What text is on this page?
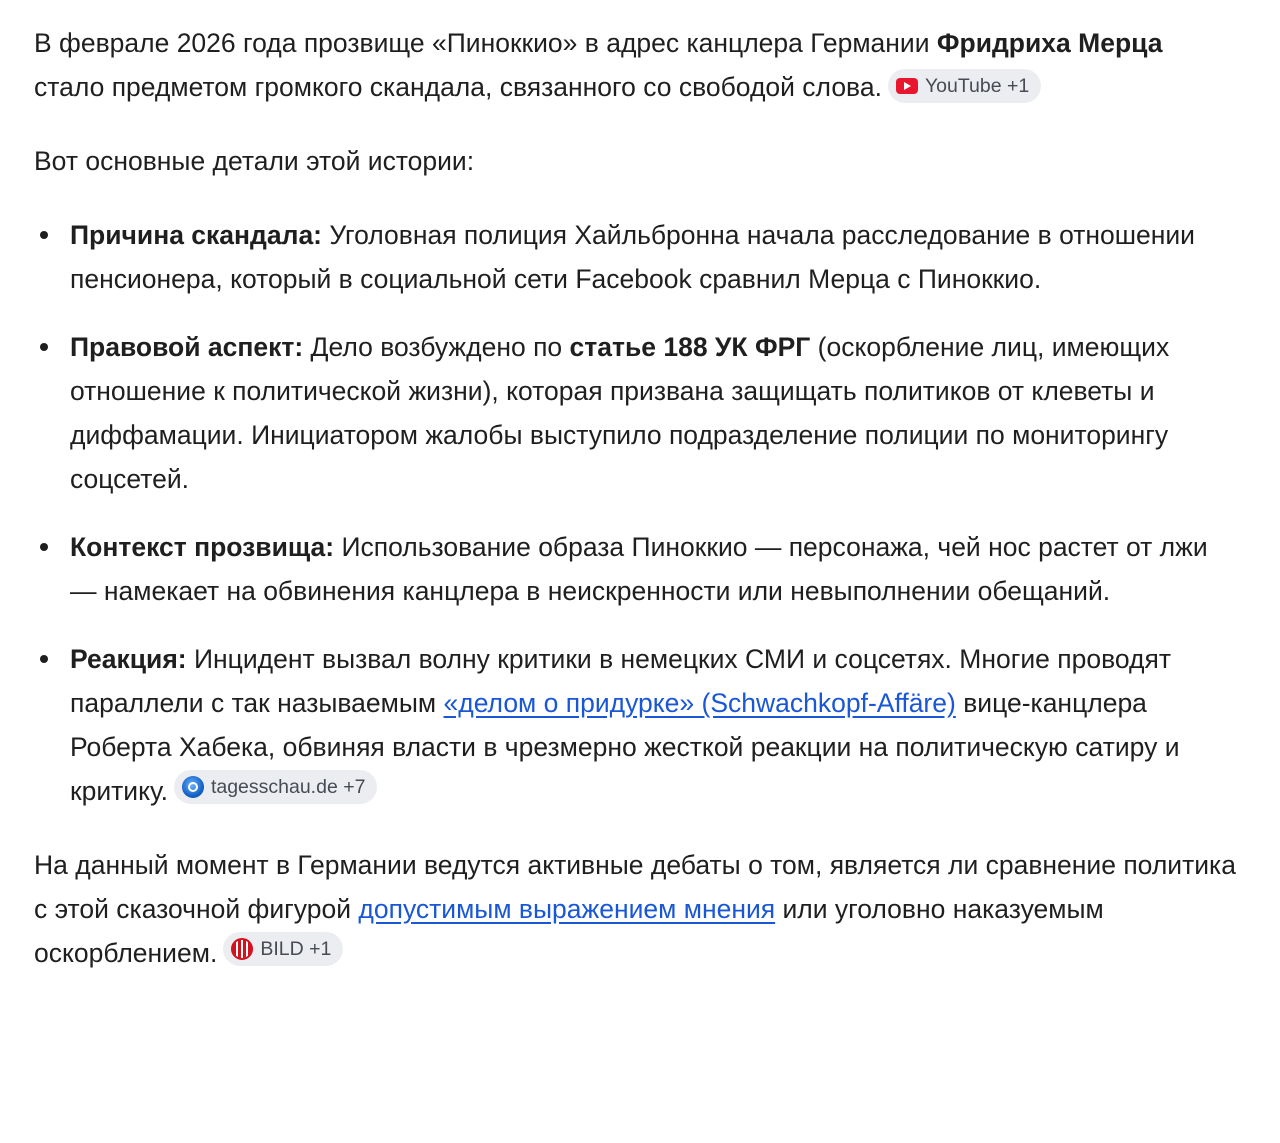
В феврале 2026 года прозвище «Пиноккио» в адрес канцлера Германии Фридриха Мерца стало предметом громкого скандала, связанного со свободой слова. YouTube +1

Вот основные детали этой истории:

Причина скандала: Уголовная полиция Хайльбронна начала расследование в отношении пенсионера, который в социальной сети Facebook сравнил Мерца с Пиноккио.
Правовой аспект: Дело возбуждено по статье 188 УК ФРГ (оскорбление лиц, имеющих отношение к политической жизни), которая призвана защищать политиков от клеветы и диффамации. Инициатором жалобы выступило подразделение полиции по мониторингу соцсетей.
Контекст прозвища: Использование образа Пиноккио — персонажа, чей нос растет от лжи — намекает на обвинения канцлера в неискренности или невыполнении обещаний.
Реакция: Инцидент вызвал волну критики в немецких СМИ и соцсетях. Многие проводят параллели с так называемым «делом о придурке» (Schwachkopf-Affäre) вице-канцлера Роберта Хабека, обвиняя власти в чрезмерно жесткой реакции на политическую сатиру и критику. tagesschau.de +7

На данный момент в Германии ведутся активные дебаты о том, является ли сравнение политика с этой сказочной фигурой допустимым выражением мнения или уголовно наказуемым оскорблением. BILD +1
